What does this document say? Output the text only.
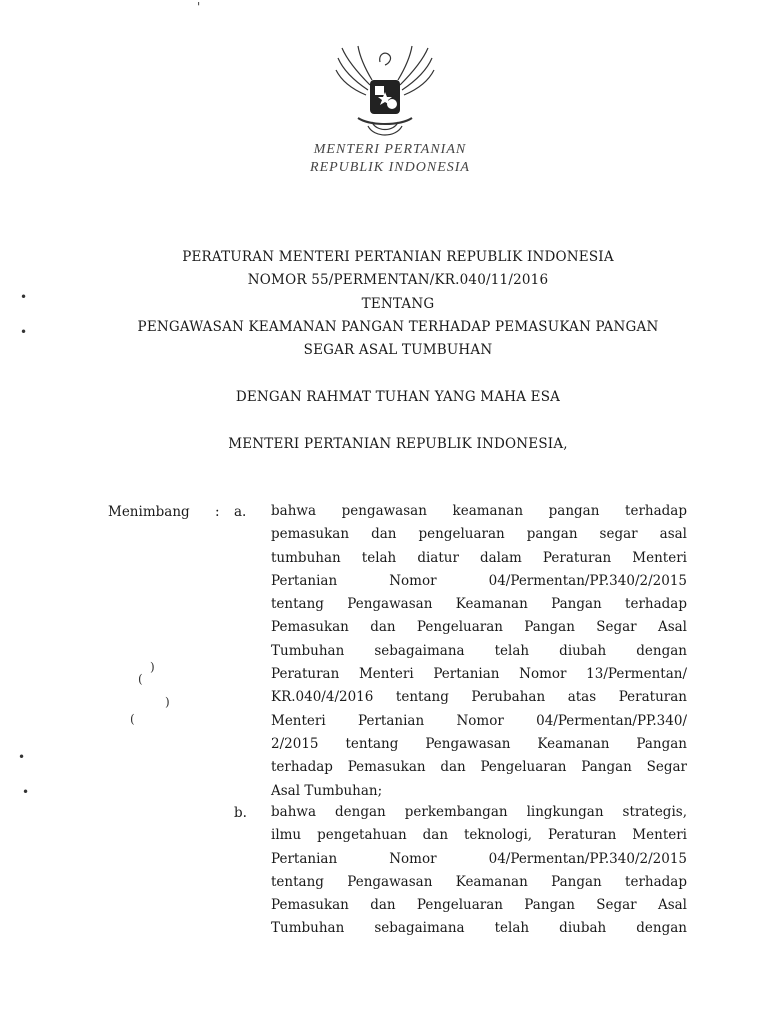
MENTERI PERTANIAN
REPUBLIK INDONESIA
PERATURAN MENTERI PERTANIAN REPUBLIK INDONESIA
NOMOR 55/PERMENTAN/KR.040/11/2016
TENTANG
PENGAWASAN KEAMANAN PANGAN TERHADAP PEMASUKAN PANGAN
SEGAR ASAL TUMBUHAN
DENGAN RAHMAT TUHAN YANG MAHA ESA
MENTERI PERTANIAN REPUBLIK INDONESIA,
Menimbang : a. bahwa pengawasan keamanan pangan terhadap
pemasukan dan pengeluaran pangan segar asal
tumbuhan telah diatur dalam Peraturan Menteri
Pertanian Nomor 04/Permentan/PP.340/2/2015
tentang Pengawasan Keamanan Pangan terhadap
Pemasukan dan Pengeluaran Pangan Segar Asal
Tumbuhan sebagaimana telah diubah dengan
Peraturan Menteri Pertanian Nomor 13/Permentan/
KR.040/4/2016 tentang Perubahan atas Peraturan
Menteri Pertanian Nomor 04/Permentan/PP.340/
2/2015 tentang Pengawasan Keamanan Pangan
terhadap Pemasukan dan Pengeluaran Pangan Segar
Asal Tumbuhan;
b. bahwa dengan perkembangan lingkungan strategis,
ilmu pengetahuan dan teknologi, Peraturan Menteri
Pertanian Nomor 04/Permentan/PP.340/2/2015
tentang Pengawasan Keamanan Pangan terhadap
Pemasukan dan Pengeluaran Pangan Segar Asal
Tumbuhan sebagaimana telah diubah dengan
'
•
•
)
(
)
(
•
•
